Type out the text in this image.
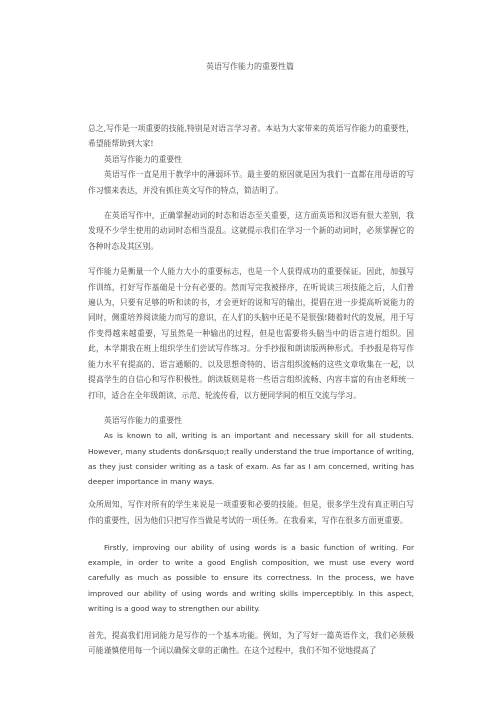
英语写作能力的重要性篇

总之,写作是一项重要的技能,特别是对语言学习者。本站为大家带来的英语写作能力的重要性，希望能帮助到大家!

英语写作能力的重要性

英语写作一直是用于教学中的薄弱环节。最主要的原因就是因为我们一直都在用母语的写作习惯来表达，并没有抓住英文写作的特点，简洁明了。

在英语写作中，正确掌握动词的时态和语态至关重要，这方面英语和汉语有很大差别，我发现不少学生使用的动词时态相当混乱。这就提示我们在学习一个新的动词时，必须掌握它的各种时态及其区别。

写作能力是衡量一个人能力大小的重要标志，也是一个人获得成功的重要保证。因此，加强写作训练，打好写作基础是十分有必要的。然而写完我被择序，在听说读三项技能之后，人们普遍认为，只要有足够的听和读的书，才会更好的说和写的输出，提倡在进一步提高听说能力的同时，侧重培养阅读能力而写的意识，在人们的头脑中还是不是很强!随着时代的发展，用于写作变得越来越重要，写虽然是一种输出的过程，但是也需要将头脑当中的语言进行组织。因此，本学期我在班上组织学生们尝试写作练习。分手抄报和朗读版两种形式。手抄报是将写作能力水平有提高的、语言通顺的、以及思想奇特的、语言组织流畅的这些文章收集在一起，以提高学生的自信心和写作积极性。朗读版则是将一些语言组织流畅、内容丰富的有由老师统一打印，适合在全年级朗读、示范、轮流传看，以方便同学间的相互交流与学习。

英语写作能力的重要性

As is known to all, writing is an important and necessary skill for all students. However, many students don&rsquo;t really understand the true importance of writing, as they just consider writing as a task of exam. As far as I am concerned, writing has deeper importance in many ways.

众所周知，写作对所有的学生来说是一项重要和必要的技能。但是，很多学生没有真正明白写作的重要性，因为他们只把写作当做是考试的一项任务。在我看来，写作在很多方面更重要。

Firstly, improving our ability of using words is a basic function of writing. For example, in order to write a good English composition, we must use every word carefully as much as possible to ensure its correctness. In the process, we have improved our ability of using words and writing skills imperceptibly. In this aspect, writing is a good way to strengthen our ability.

首先，提高我们用词能力是写作的一个基本功能。例如，为了写好一篇英语作文，我们必须极可能谨慎使用每一个词以确保文章的正确性。在这个过程中，我们不知不觉地提高了
